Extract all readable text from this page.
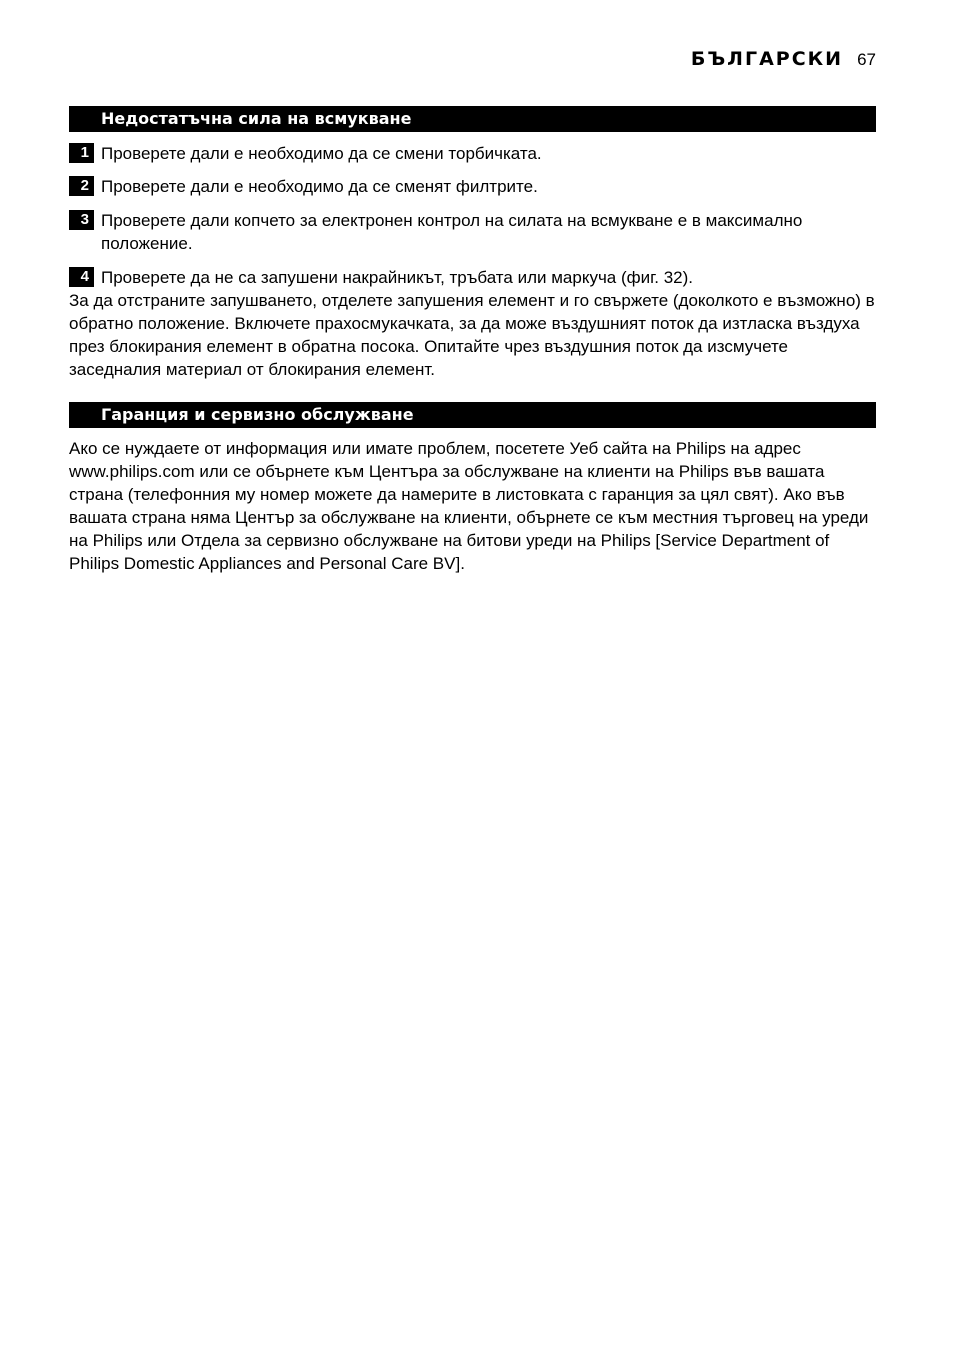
БЪЛГАРСКИ 67
Недостатъчна сила на всмукване
1 Проверете дали е необходимо да се смени торбичката.
2 Проверете дали е необходимо да се сменят филтрите.
3 Проверете дали копчето за електронен контрол на силата на всмукване е в максимално положение.
4 Проверете да не са запушени накрайникът, тръбата или маркуча (фиг. 32).
За да отстраните запушването, отделете запушения елемент и го свържете (доколкото е възможно) в обратно положение. Включете прахосмукачката, за да може въздушният поток да изтласка въздуха през блокирания елемент в обратна посока. Опитайте чрез въздушния поток да изсмучете заседналия материал от блокирания елемент.
Гаранция и сервизно обслужване
Ако се нуждаете от информация или имате проблем, посетете Уеб сайта на Philips на адрес www.philips.com или се обърнете към Центъра за обслужване на клиенти на Philips във вашата страна (телефонния му номер можете да намерите в листовката с гаранция за цял свят). Ако във вашата страна няма Център за обслужване на клиенти, обърнете се към местния търговец на уреди на Philips или Отдела за сервизно обслужване на битови уреди на Philips [Service Department of Philips Domestic Appliances and Personal Care BV].
